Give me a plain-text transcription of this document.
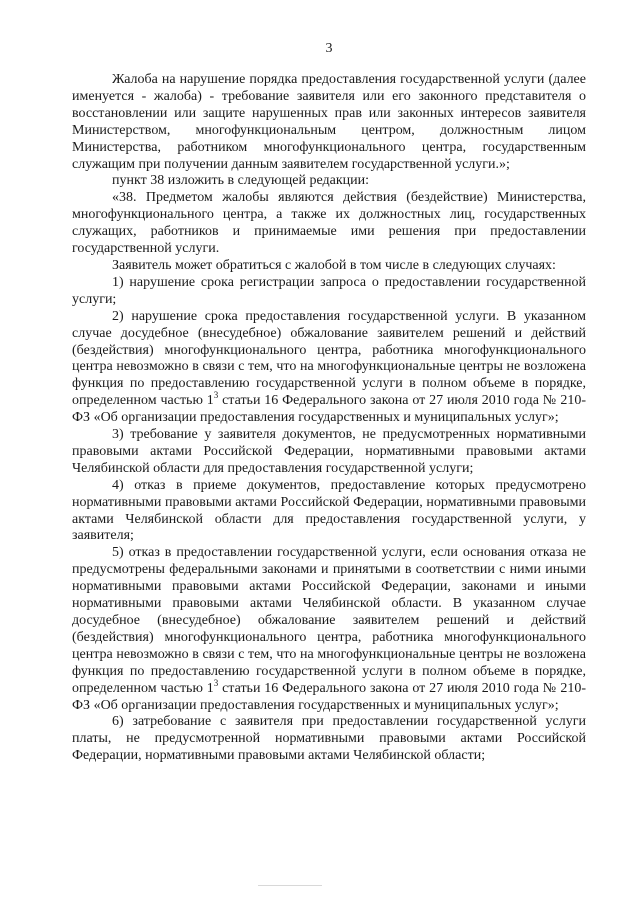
3

Жалоба на нарушение порядка предоставления государственной услуги (далее именуется - жалоба) - требование заявителя или его законного представителя о восстановлении или защите нарушенных прав или законных интересов заявителя Министерством, многофункциональным центром, должностным лицом Министерства, работником многофункционального центра, государственным служащим при получении данным заявителем государственной услуги.»;

пункт 38 изложить в следующей редакции:

«38. Предметом жалобы являются действия (бездействие) Министерства, многофункционального центра, а также их должностных лиц, государственных служащих, работников и принимаемые ими решения при предоставлении государственной услуги.

Заявитель может обратиться с жалобой в том числе в следующих случаях:

1) нарушение срока регистрации запроса о предоставлении государственной услуги;

2) нарушение срока предоставления государственной услуги. В указанном случае досудебное (внесудебное) обжалование заявителем решений и действий (бездействия) многофункционального центра, работника многофункционального центра невозможно в связи с тем, что на многофункциональные центры не возложена функция по предоставлению государственной услуги в полном объеме в порядке, определенном частью $1^3$ статьи 16 Федерального закона от 27 июля 2010 года № 210-ФЗ «Об организации предоставления государственных и муниципальных услуг»;

3) требование у заявителя документов, не предусмотренных нормативными правовыми актами Российской Федерации, нормативными правовыми актами Челябинской области для предоставления государственной услуги;

4) отказ в приеме документов, предоставление которых предусмотрено нормативными правовыми актами Российской Федерации, нормативными правовыми актами Челябинской области для предоставления государственной услуги, у заявителя;

5) отказ в предоставлении государственной услуги, если основания отказа не предусмотрены федеральными законами и принятыми в соответствии с ними иными нормативными правовыми актами Российской Федерации, законами и иными нормативными правовыми актами Челябинской области. В указанном случае досудебное (внесудебное) обжалование заявителем решений и действий (бездействия) многофункционального центра, работника многофункционального центра невозможно в связи с тем, что на многофункциональные центры не возложена функция по предоставлению государственной услуги в полном объеме в порядке, определенном частью $1^3$ статьи 16 Федерального закона от 27 июля 2010 года № 210-ФЗ «Об организации предоставления государственных и муниципальных услуг»;

6) затребование с заявителя при предоставлении государственной услуги платы, не предусмотренной нормативными правовыми актами Российской Федерации, нормативными правовыми актами Челябинской области;
